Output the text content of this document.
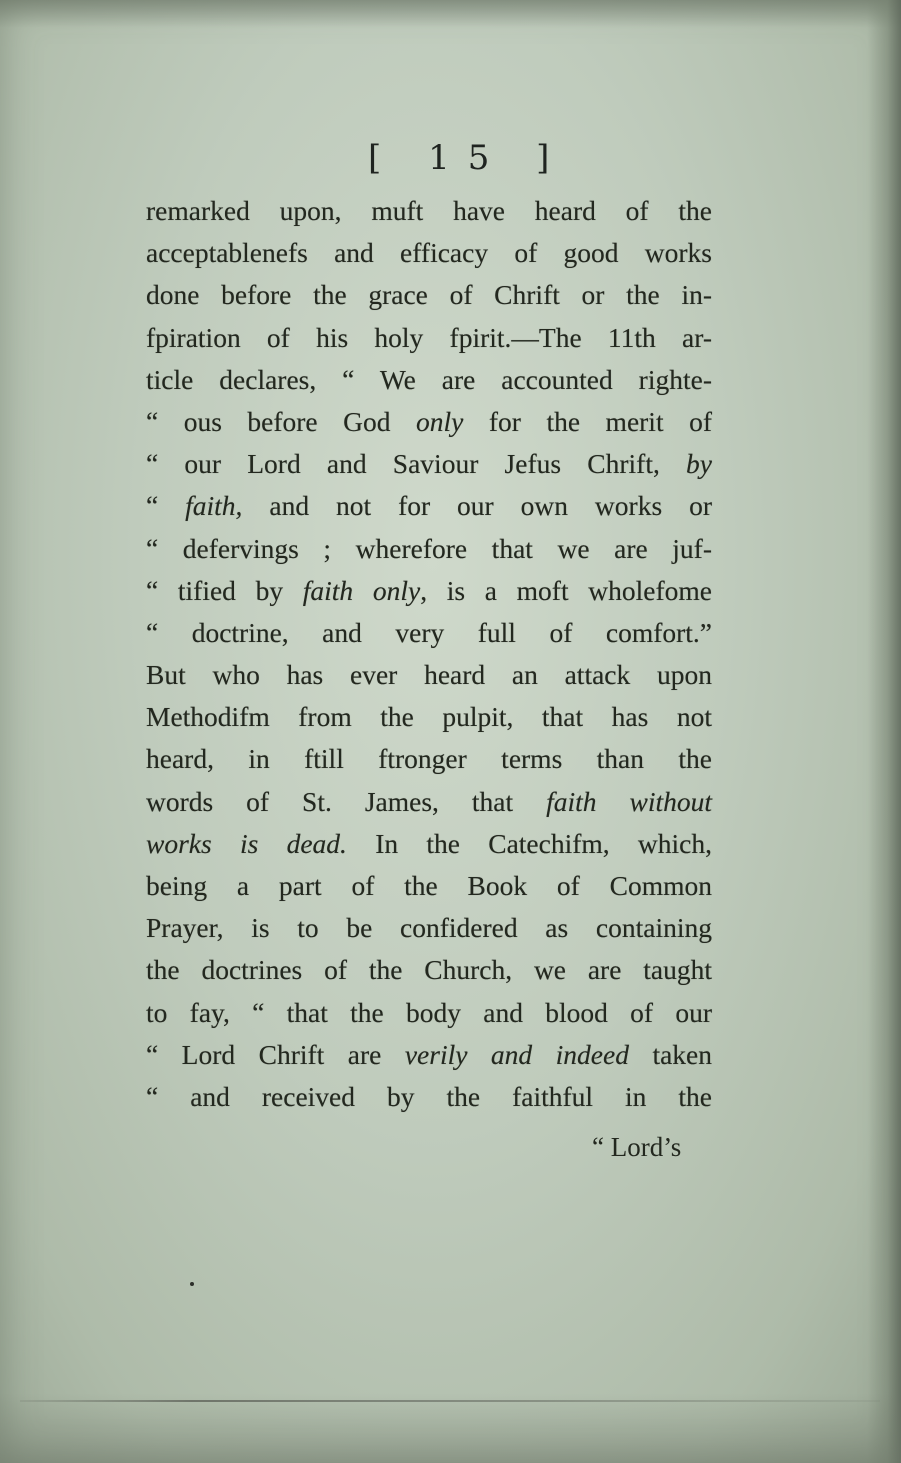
[ 15 ]
remarked upon, muft have heard of the
acceptablenefs and efficacy of good works
done before the grace of Chrift or the in-
fpiration of his holy fpirit.—The 11th ar-
ticle declares, “ We are accounted righte-
“ ous before God only for the merit of
“ our Lord and Saviour Jefus Chrift, by
“ faith, and not for our own works or
“ defervings ; wherefore that we are juf-
“ tified by faith only, is a moft wholefome
“ doctrine, and very full of comfort.”
But who has ever heard an attack upon
Methodifm from the pulpit, that has not
heard, in ftill ftronger terms than the
words of St. James, that faith without
works is dead. In the Catechifm, which,
being a part of the Book of Common
Prayer, is to be confidered as containing
the doctrines of the Church, we are taught
to fay, “ that the body and blood of our
“ Lord Chrift are verily and indeed taken
“ and received by the faithful in the
“ Lord’s
